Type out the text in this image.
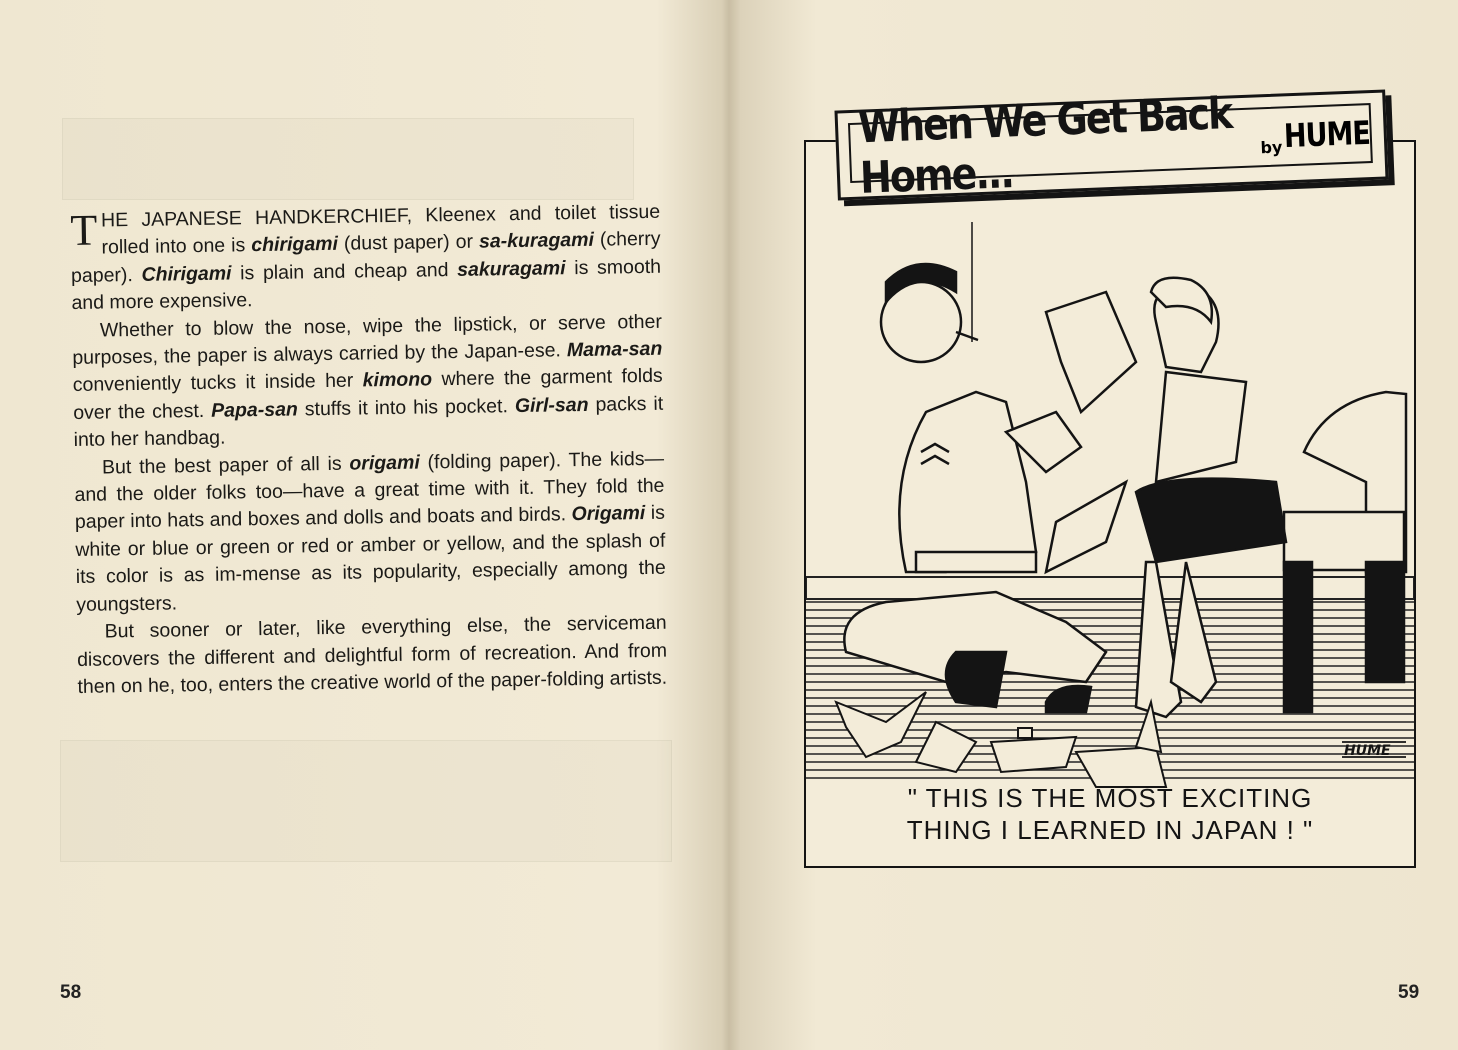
THE JAPANESE HANDKERCHIEF, Kleenex and toilet tissue rolled into one is chirigami (dust paper) or sa-kuragami (cherry paper). Chirigami is plain and cheap and sakuragami is smooth and more expensive.

Whether to blow the nose, wipe the lipstick, or serve other purposes, the paper is always carried by the Japan-ese. Mama-san conveniently tucks it inside her kimono where the garment folds over the chest. Papa-san stuffs it into his pocket. Girl-san packs it into her handbag.

But the best paper of all is origami (folding paper). The kids—and the older folks too—have a great time with it. They fold the paper into hats and boxes and dolls and boats and birds. Origami is white or blue or green or red or amber or yellow, and the splash of its color is as im-mense as its popularity, especially among the youngsters.

But sooner or later, like everything else, the serviceman discovers the different and delightful form of recreation. And from then on he, too, enters the creative world of the paper-folding artists.

58
When We Get Back Home...	by HUME
HUME
" THIS IS THE MOST EXCITING
THING I LEARNED IN JAPAN ! "
59
